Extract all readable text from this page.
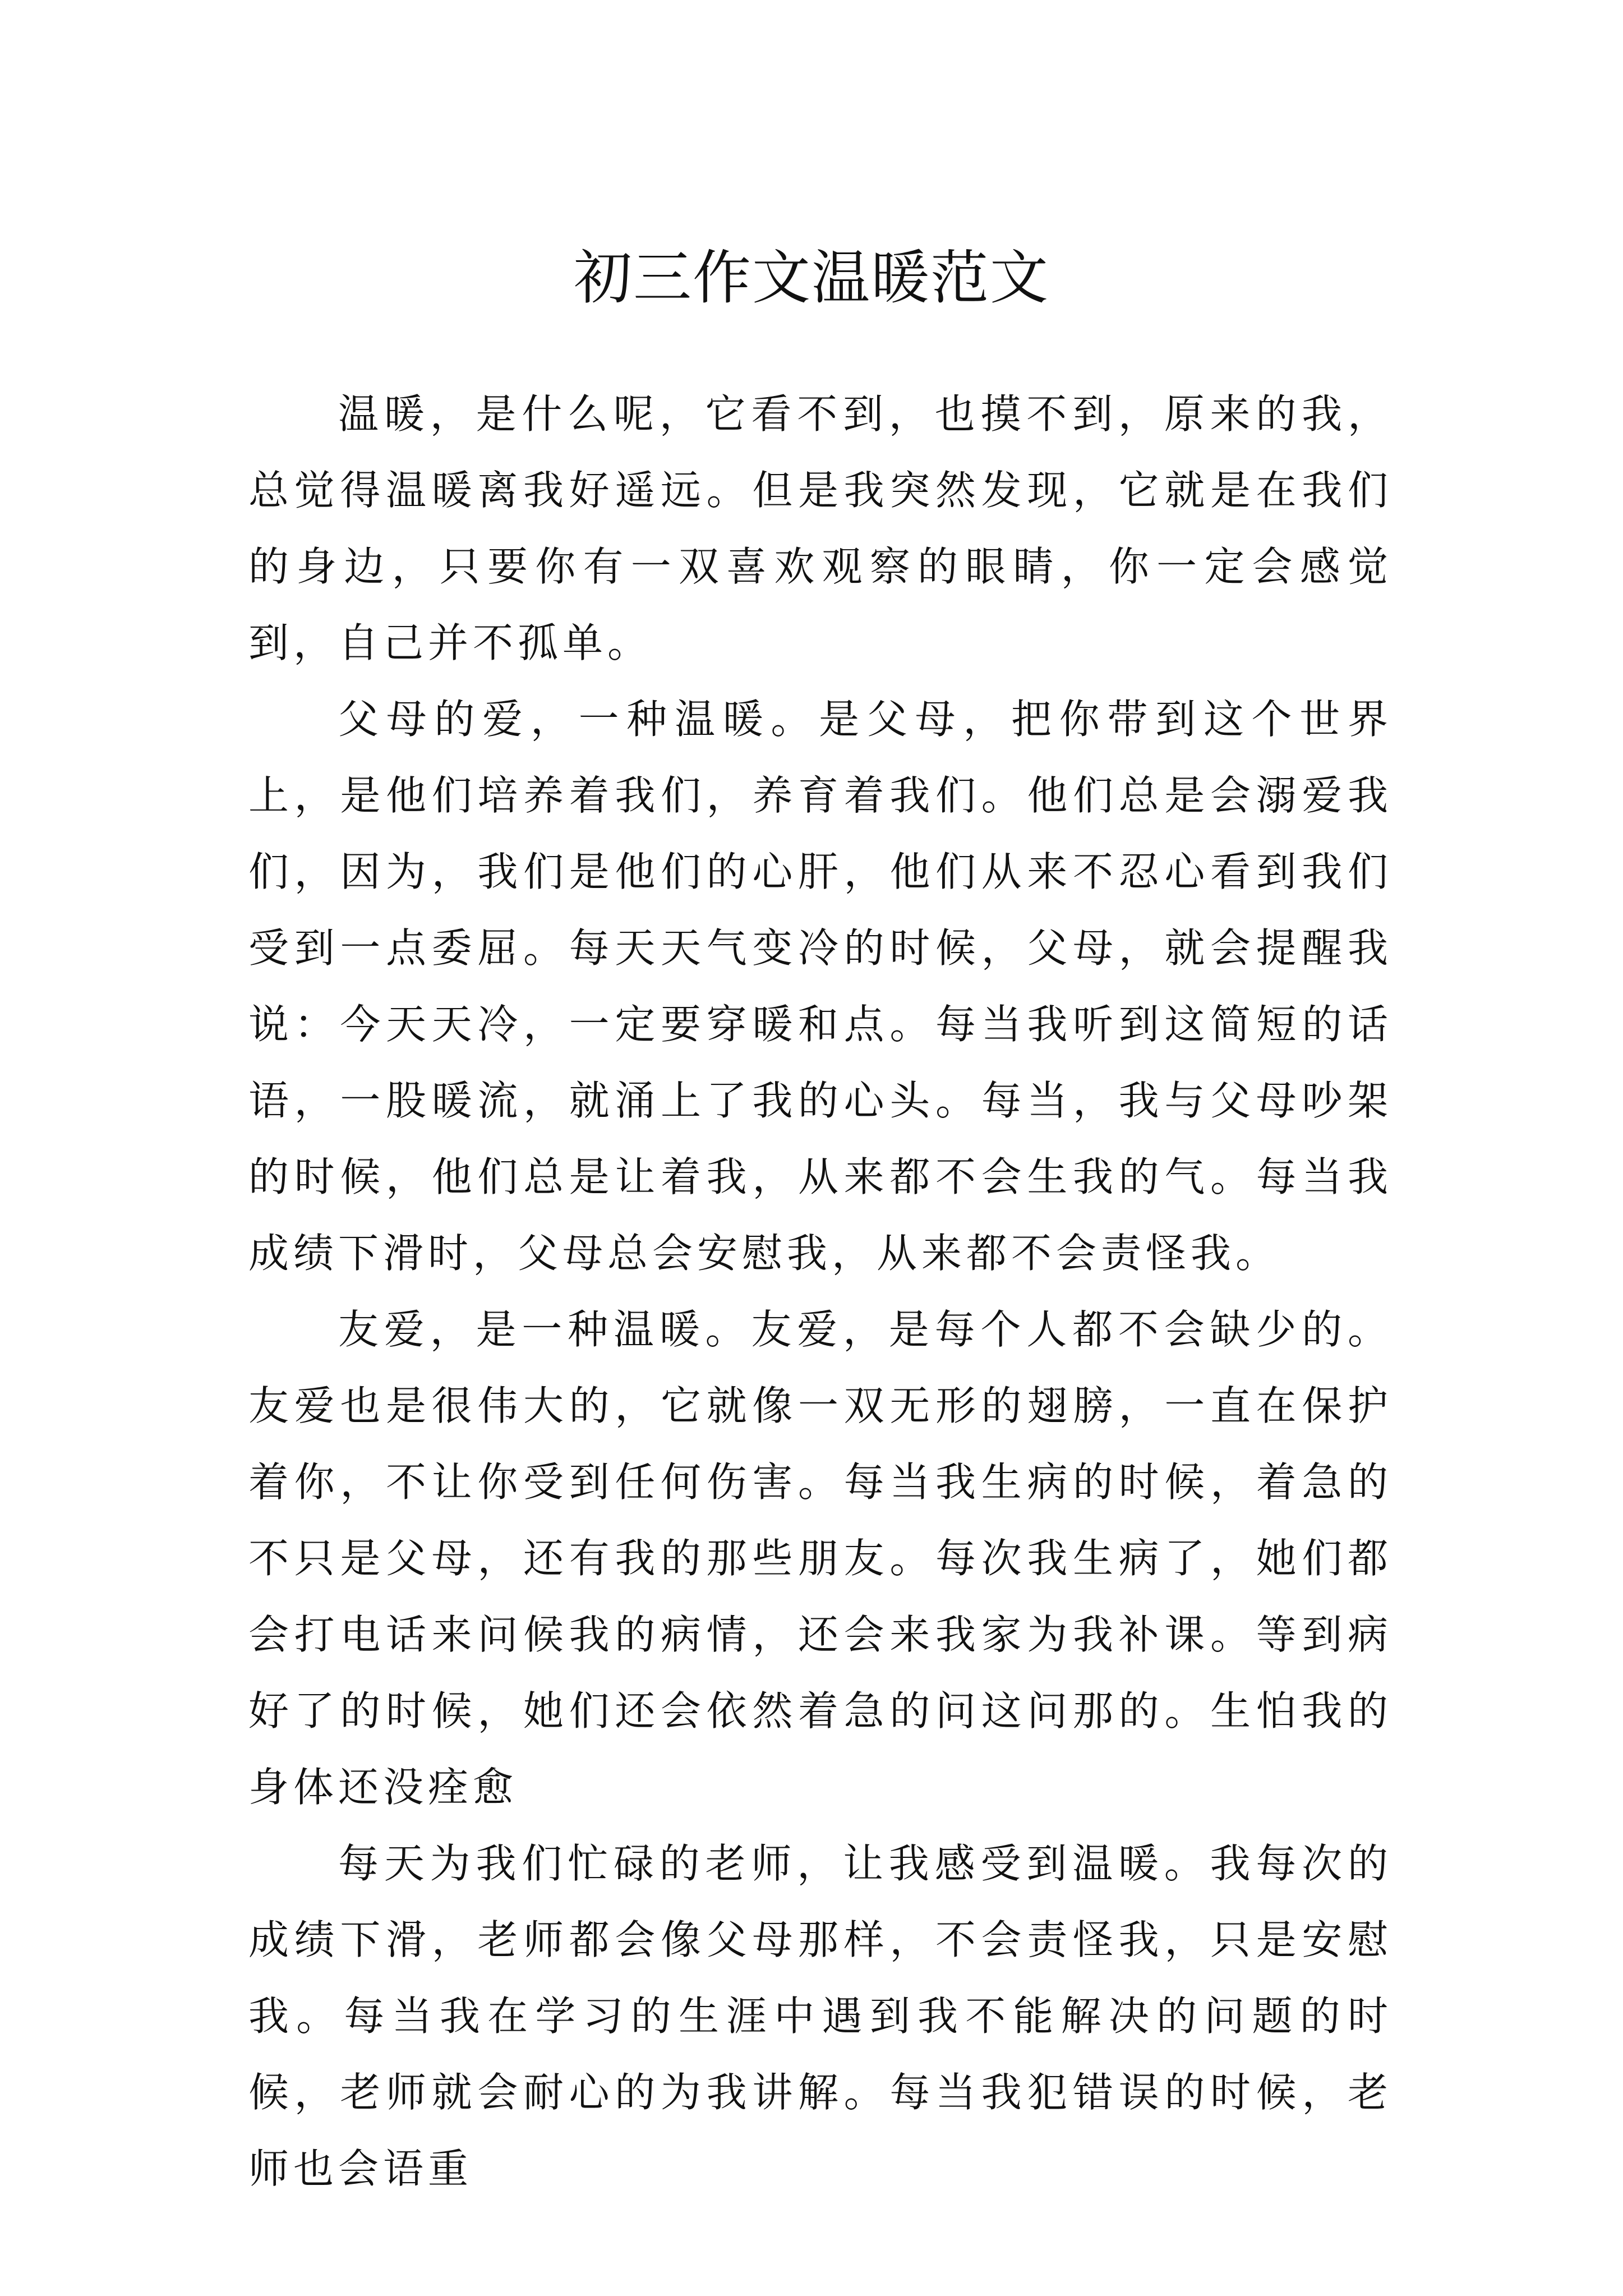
初三作文温暖范文

温暖，是什么呢，它看不到，也摸不到，原来的我，总觉得温暖离我好遥远。但是我突然发现，它就是在我们的身边，只要你有一双喜欢观察的眼睛，你一定会感觉到，自己并不孤单。

父母的爱，一种温暖。是父母，把你带到这个世界上，是他们培养着我们，养育着我们。他们总是会溺爱我们，因为，我们是他们的心肝，他们从来不忍心看到我们受到一点委屈。每天天气变冷的时候，父母，就会提醒我说：今天天冷，一定要穿暖和点。每当我听到这简短的话语，一股暖流，就涌上了我的心头。每当，我与父母吵架的时候，他们总是让着我，从来都不会生我的气。每当我成绩下滑时，父母总会安慰我，从来都不会责怪我。

友爱，是一种温暖。友爱，是每个人都不会缺少的。友爱也是很伟大的，它就像一双无形的翅膀，一直在保护着你，不让你受到任何伤害。每当我生病的时候，着急的不只是父母，还有我的那些朋友。每次我生病了，她们都会打电话来问候我的病情，还会来我家为我补课。等到病好了的时候，她们还会依然着急的问这问那的。生怕我的身体还没痊愈

每天为我们忙碌的老师，让我感受到温暖。我每次的成绩下滑，老师都会像父母那样，不会责怪我，只是安慰我。每当我在学习的生涯中遇到我不能解决的问题的时候，老师就会耐心的为我讲解。每当我犯错误的时候，老师也会语重
